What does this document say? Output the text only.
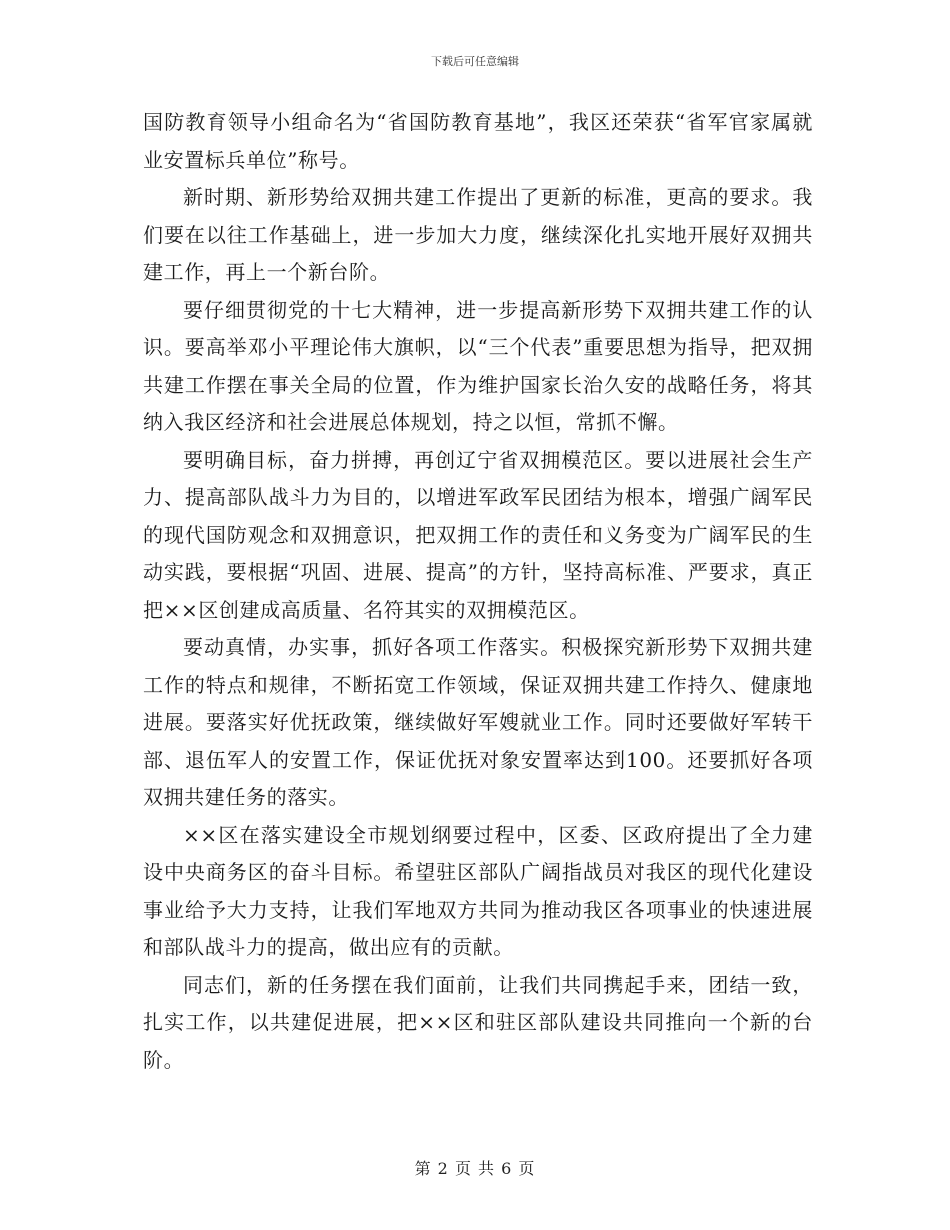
下载后可任意编辑

国防教育领导小组命名为“省国防教育基地”，我区还荣获“省军官家属就业安置标兵单位”称号。

新时期、新形势给双拥共建工作提出了更新的标准，更高的要求。我们要在以往工作基础上，进一步加大力度，继续深化扎实地开展好双拥共建工作，再上一个新台阶。

要仔细贯彻党的十七大精神，进一步提高新形势下双拥共建工作的认识。要高举邓小平理论伟大旗帜，以“三个代表”重要思想为指导，把双拥共建工作摆在事关全局的位置，作为维护国家长治久安的战略任务，将其纳入我区经济和社会进展总体规划，持之以恒，常抓不懈。

要明确目标，奋力拼搏，再创辽宁省双拥模范区。要以进展社会生产力、提高部队战斗力为目的，以增进军政军民团结为根本，增强广阔军民的现代国防观念和双拥意识，把双拥工作的责任和义务变为广阔军民的生动实践，要根据“巩固、进展、提高”的方针，坚持高标准、严要求，真正把××区创建成高质量、名符其实的双拥模范区。

要动真情，办实事，抓好各项工作落实。积极探究新形势下双拥共建工作的特点和规律，不断拓宽工作领域，保证双拥共建工作持久、健康地进展。要落实好优抚政策，继续做好军嫂就业工作。同时还要做好军转干部、退伍军人的安置工作，保证优抚对象安置率达到100。还要抓好各项双拥共建任务的落实。

××区在落实建设全市规划纲要过程中，区委、区政府提出了全力建设中央商务区的奋斗目标。希望驻区部队广阔指战员对我区的现代化建设事业给予大力支持，让我们军地双方共同为推动我区各项事业的快速进展和部队战斗力的提高，做出应有的贡献。

同志们，新的任务摆在我们面前，让我们共同携起手来，团结一致，扎实工作，以共建促进展，把××区和驻区部队建设共同推向一个新的台阶。

第 2 页 共 6 页
